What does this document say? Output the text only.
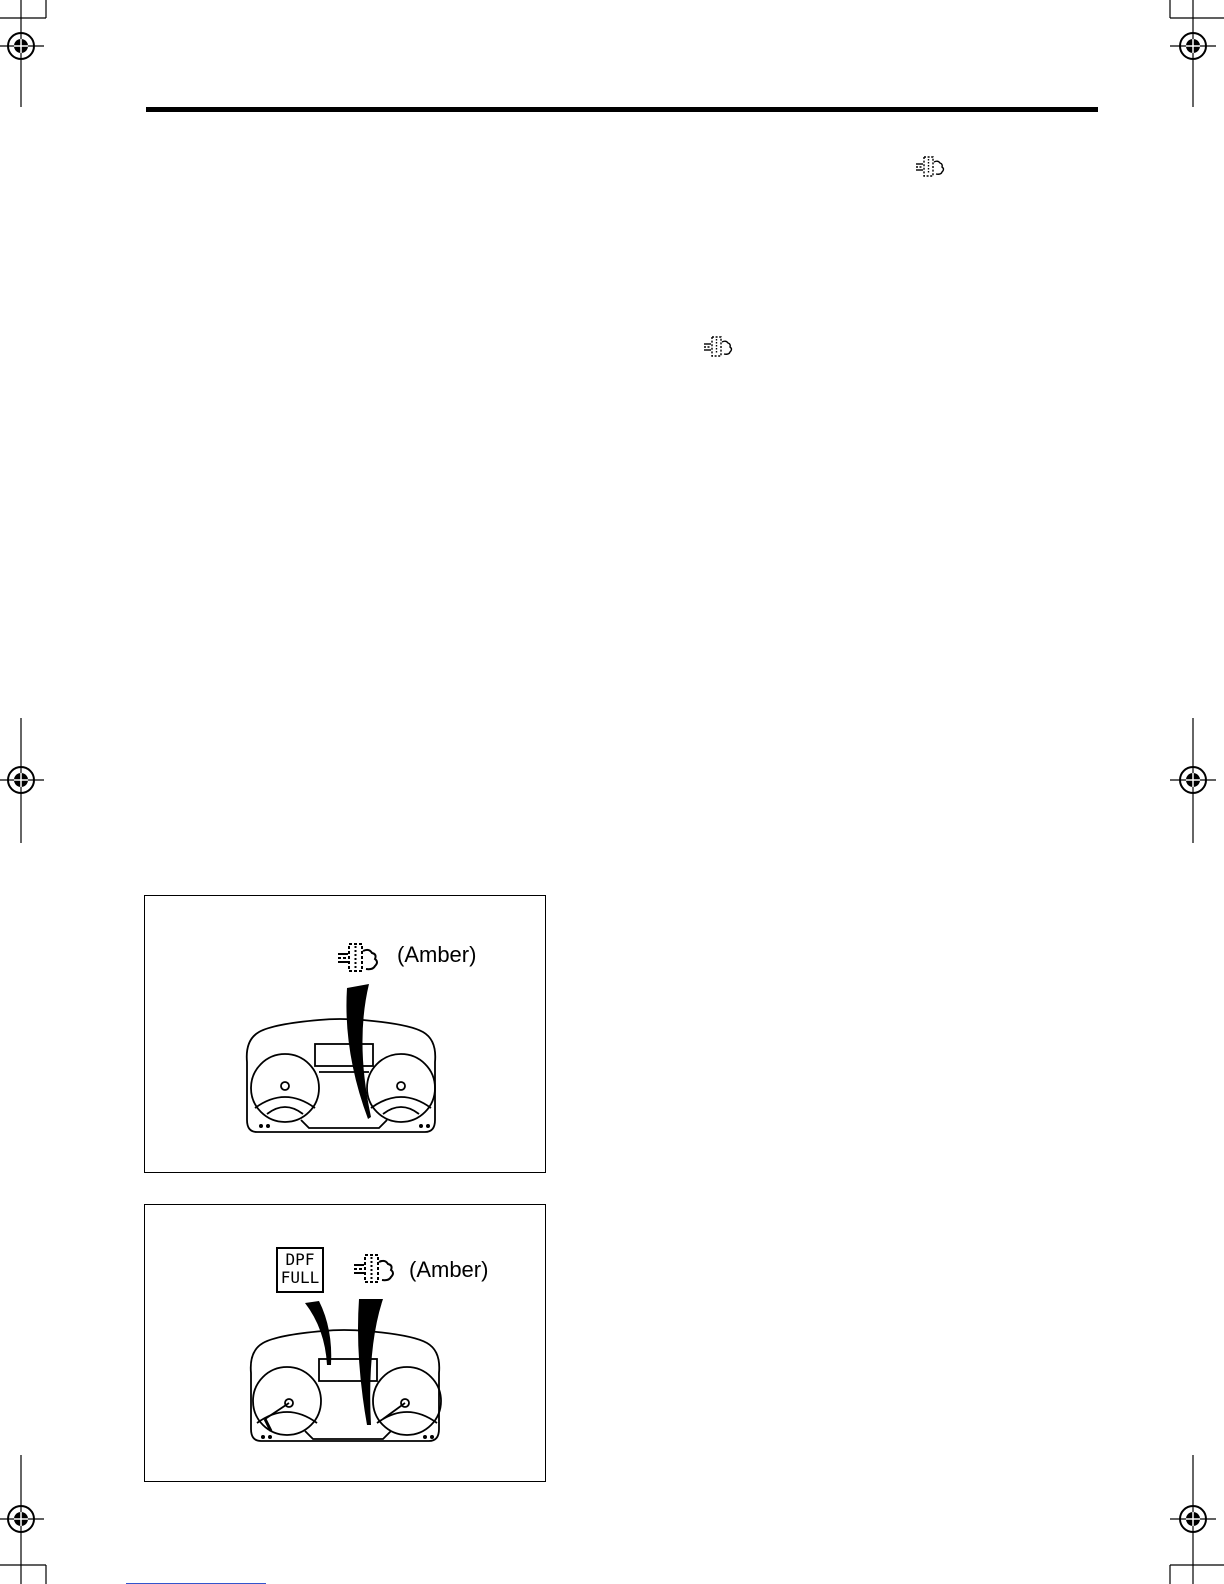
(Amber)
DPF
FULL	(Amber)
